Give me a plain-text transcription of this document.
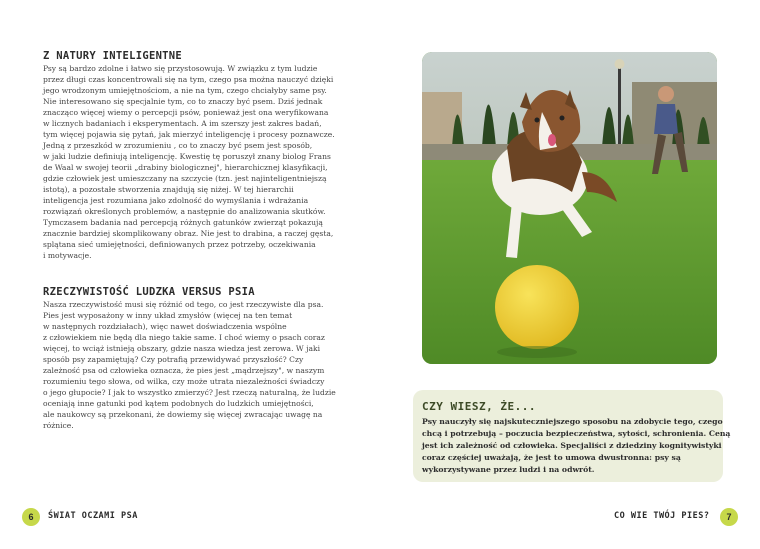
Z NATURY INTELIGENTNE

Psy są bardzo zdolne i łatwo się przystosowują. W związku z tym ludzie
przez długi czas koncentrowali się na tym, czego psa można nauczyć dzięki
jego wrodzonym umiejętnościom, a nie na tym, czego chciałyby same psy.
Nie interesowano się specjalnie tym, co to znaczy być psem. Dziś jednak
znacząco więcej wiemy o percepcji psów, ponieważ jest ona weryfikowana
w licznych badaniach i eksperymentach. A im szerszy jest zakres badań,
tym więcej pojawia się pytań, jak mierzyć inteligencję i procesy poznawcze.
Jedną z przeszkód w zrozumieniu , co to znaczy być psem jest sposób,
w jaki ludzie definiują inteligencję. Kwestię tę poruszył znany biolog Frans
de Waal w swojej teorii „drabiny biologicznej", hierarchicznej klasyfikacji,
gdzie człowiek jest umieszczany na szczycie (tzn. jest najinteligentniejszą
istotą), a pozostałe stworzenia znajdują się niżej. W tej hierarchii
inteligencja jest rozumiana jako zdolność do wymyślania i wdrażania
rozwiązań określonych problemów, a następnie do analizowania skutków.
Tymczasem badania nad percepcją różnych gatunków zwierząt pokazują
znacznie bardziej skomplikowany obraz. Nie jest to drabina, a raczej gęsta,
splątana sieć umiejętności, definiowanych przez potrzeby, oczekiwania
i motywacje.

RZECZYWISTOŚĆ LUDZKA VERSUS PSIA

Nasza rzeczywistość musi się różnić od tego, co jest rzeczywiste dla psa.
Pies jest wyposażony w inny układ zmysłów (więcej na ten temat
w następnych rozdziałach), więc nawet doświadczenia wspólne
z człowiekiem nie będą dla niego takie same. I choć wiemy o psach coraz
więcej, to wciąż istnieją obszary, gdzie nasza wiedza jest zerowa. W jaki
sposób psy zapamiętują? Czy potrafią przewidywać przyszłość? Czy
zależność psa od człowieka oznacza, że pies jest „mądrzejszy", w naszym
rozumieniu tego słowa, od wilka, czy może utrata niezależności świadczy
o jego głupocie? I jak to wszystko zmierzyć? Jest rzeczą naturalną, że ludzie
oceniają inne gatunki pod kątem podobnych do ludzkich umiejętności,
ale naukowcy są przekonani, że dowiemy się więcej zwracając uwagę na
różnice.

6	ŚWIAT OCZAMI PSA
CZY WIESZ, ŻE...

Psy nauczyły się najskuteczniejszego sposobu na zdobycie tego, czego
chcą i potrzebują – poczucia bezpieczeństwa, sytości, schronienia. Ceną
jest ich zależność od człowieka. Specjaliści z dziedziny kognitywistyki
coraz częściej uważają, że jest to umowa dwustronna: psy są
wykorzystywane przez ludzi i na odwrót.

CO WIE TWÓJ PIES?	7
